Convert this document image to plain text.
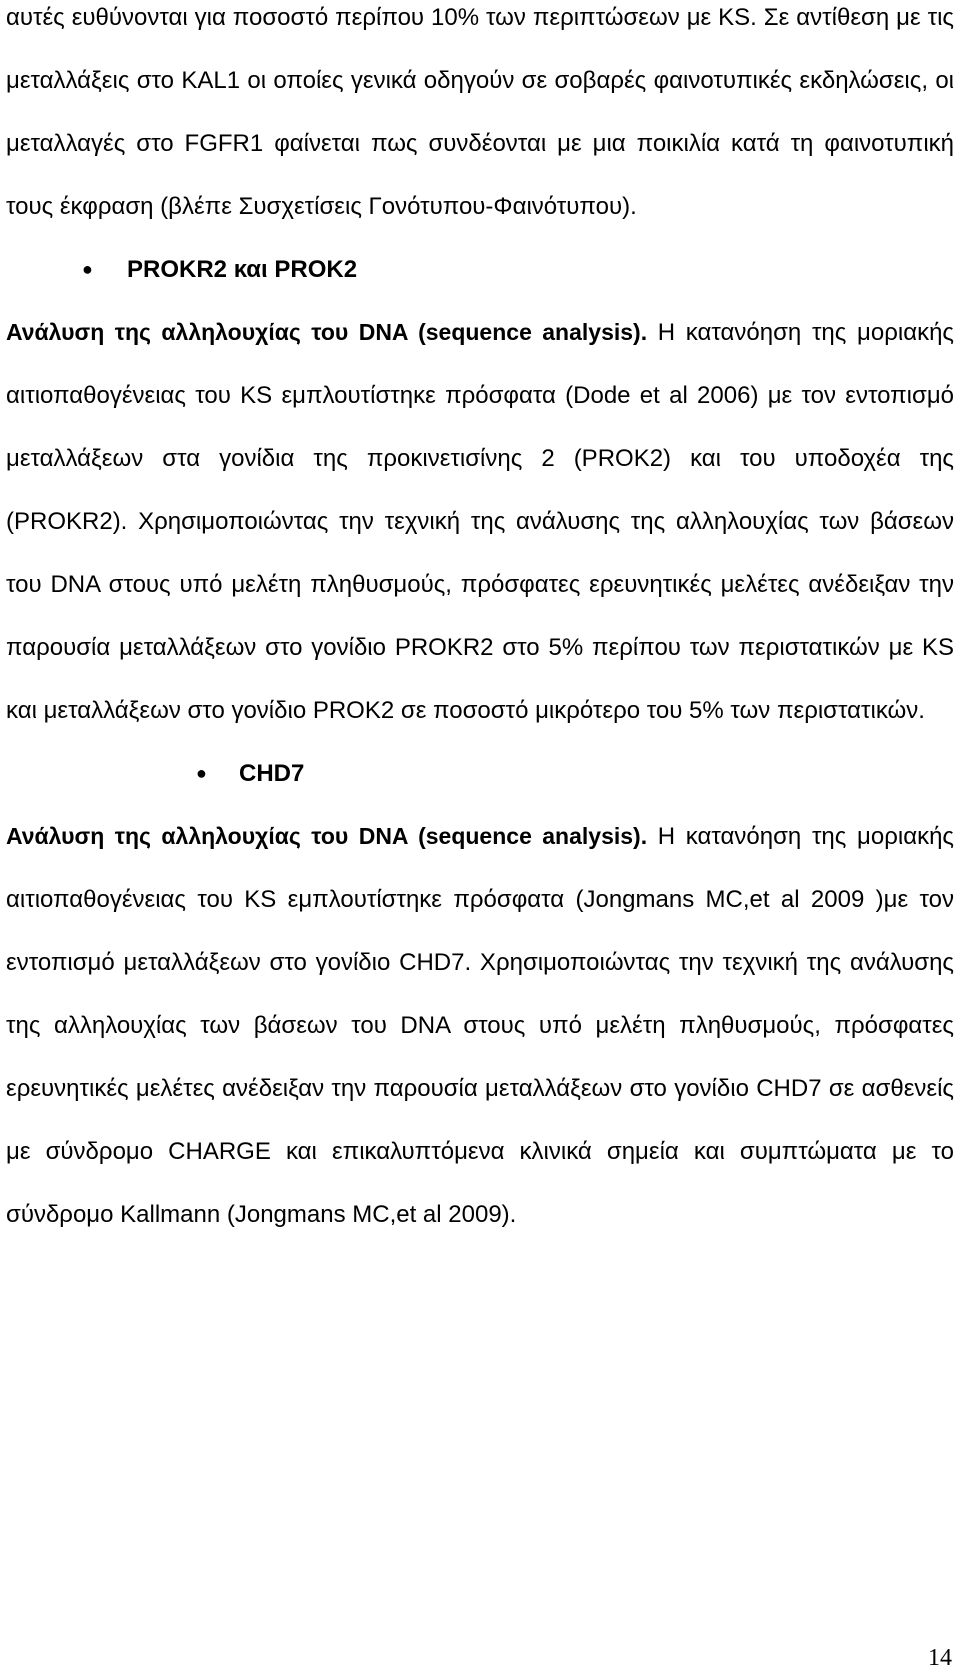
αυτές ευθύνονται για ποσοστό περίπου 10% των περιπτώσεων με KS. Σε αντίθεση με τις μεταλλάξεις στο KAL1 οι οποίες γενικά οδηγούν σε σοβαρές φαινοτυπικές εκδηλώσεις, οι μεταλλαγές στο FGFR1 φαίνεται πως συνδέονται με μια ποικιλία κατά τη φαινοτυπική τους έκφραση (βλέπε Συσχετίσεις Γονότυπου-Φαινότυπου).

● PROKR2 και PROK2

Ανάλυση της αλληλουχίας του DNA (sequence analysis). Η κατανόηση της μοριακής αιτιοπαθογένειας του KS εμπλουτίστηκε πρόσφατα (Dode et al 2006) με τον εντοπισμό μεταλλάξεων στα γονίδια της προκινετισίνης 2 (PROK2) και του υποδοχέα της (PROKR2). Χρησιμοποιώντας την τεχνική της ανάλυσης της αλληλουχίας των βάσεων του DNA στους υπό μελέτη πληθυσμούς, πρόσφατες ερευνητικές μελέτες ανέδειξαν την παρουσία μεταλλάξεων στο γονίδιο PROKR2 στο 5% περίπου των περιστατικών με KS και μεταλλάξεων στο γονίδιο PROK2 σε ποσοστό μικρότερο του 5% των περιστατικών.

● CHD7

Ανάλυση της αλληλουχίας του DNA (sequence analysis). Η κατανόηση της μοριακής αιτιοπαθογένειας του KS εμπλουτίστηκε πρόσφατα (Jongmans MC,et al 2009 )με τον εντοπισμό μεταλλάξεων στο γονίδιο CHD7. Χρησιμοποιώντας την τεχνική της ανάλυσης της αλληλουχίας των βάσεων του DNA στους υπό μελέτη πληθυσμούς, πρόσφατες ερευνητικές μελέτες ανέδειξαν την παρουσία μεταλλάξεων στο γονίδιο CHD7 σε ασθενείς με σύνδρομο CHARGE και επικαλυπτόμενα κλινικά σημεία και συμπτώματα με το σύνδρομο Kallmann (Jongmans MC,et al 2009).

14
